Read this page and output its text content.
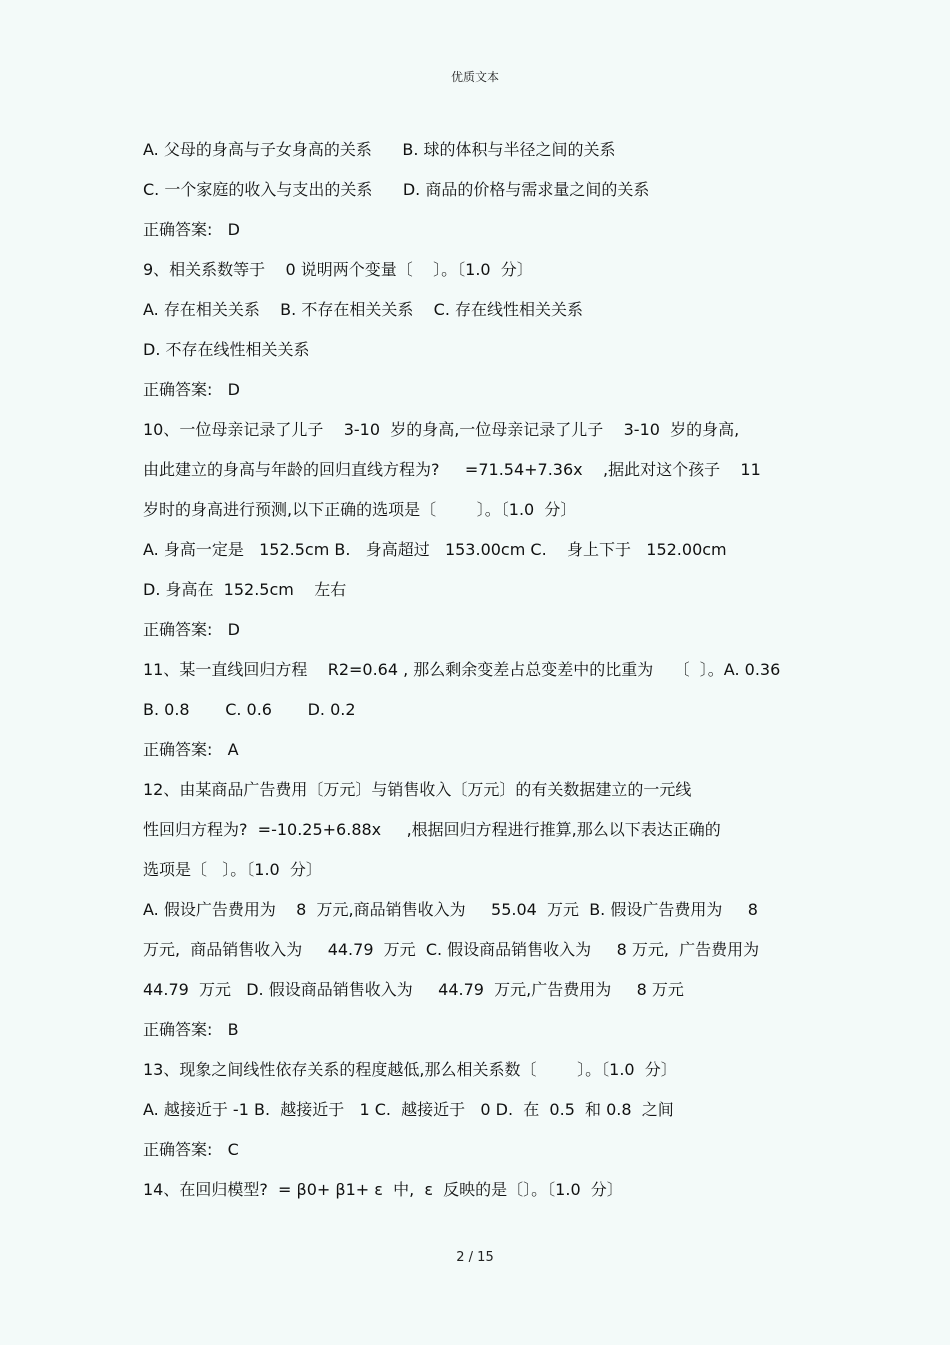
优质文本
A. 父母的身高与子女身高的关系      B. 球的体积与半径之间的关系
C. 一个家庭的收入与支出的关系      D. 商品的价格与需求量之间的关系
正确答案:   D
9、相关系数等于    0 说明两个变量〔    〕。〔1.0  分〕
A. 存在相关关系    B. 不存在相关关系    C. 存在线性相关关系
D. 不存在线性相关关系
正确答案:   D
10、一位母亲记录了儿子    3-10  岁的身高,一位母亲记录了儿子    3-10  岁的身高,
由此建立的身高与年龄的回归直线方程为?     =71.54+7.36x    ,据此对这个孩子    11
岁时的身高进行预测,以下正确的选项是〔        〕。〔1.0  分〕
A. 身高一定是   152.5cm B.   身高超过   153.00cm C.    身上下于   152.00cm
D. 身高在  152.5cm    左右
正确答案:   D
11、某一直线回归方程    R2=0.64 , 那么剩余变差占总变差中的比重为    〔  〕。A. 0.36
B. 0.8       C. 0.6       D. 0.2
正确答案:   A
12、由某商品广告费用〔万元〕与销售收入〔万元〕的有关数据建立的一元线
性回归方程为?  =-10.25+6.88x     ,根据回归方程进行推算,那么以下表达正确的
选项是〔   〕。〔1.0  分〕
A. 假设广告费用为    8  万元,商品销售收入为     55.04  万元  B. 假设广告费用为     8
万元,  商品销售收入为     44.79  万元  C. 假设商品销售收入为     8 万元,  广告费用为
44.79  万元   D. 假设商品销售收入为     44.79  万元,广告费用为     8 万元
正确答案:   B
13、现象之间线性依存关系的程度越低,那么相关系数〔        〕。〔1.0  分〕
A. 越接近于 -1 B.  越接近于   1 C.  越接近于   0 D.  在  0.5  和 0.8  之间
正确答案:   C
14、在回归模型?  = β0+ β1+ ε  中,  ε  反映的是〔〕。〔1.0  分〕
2 / 15
